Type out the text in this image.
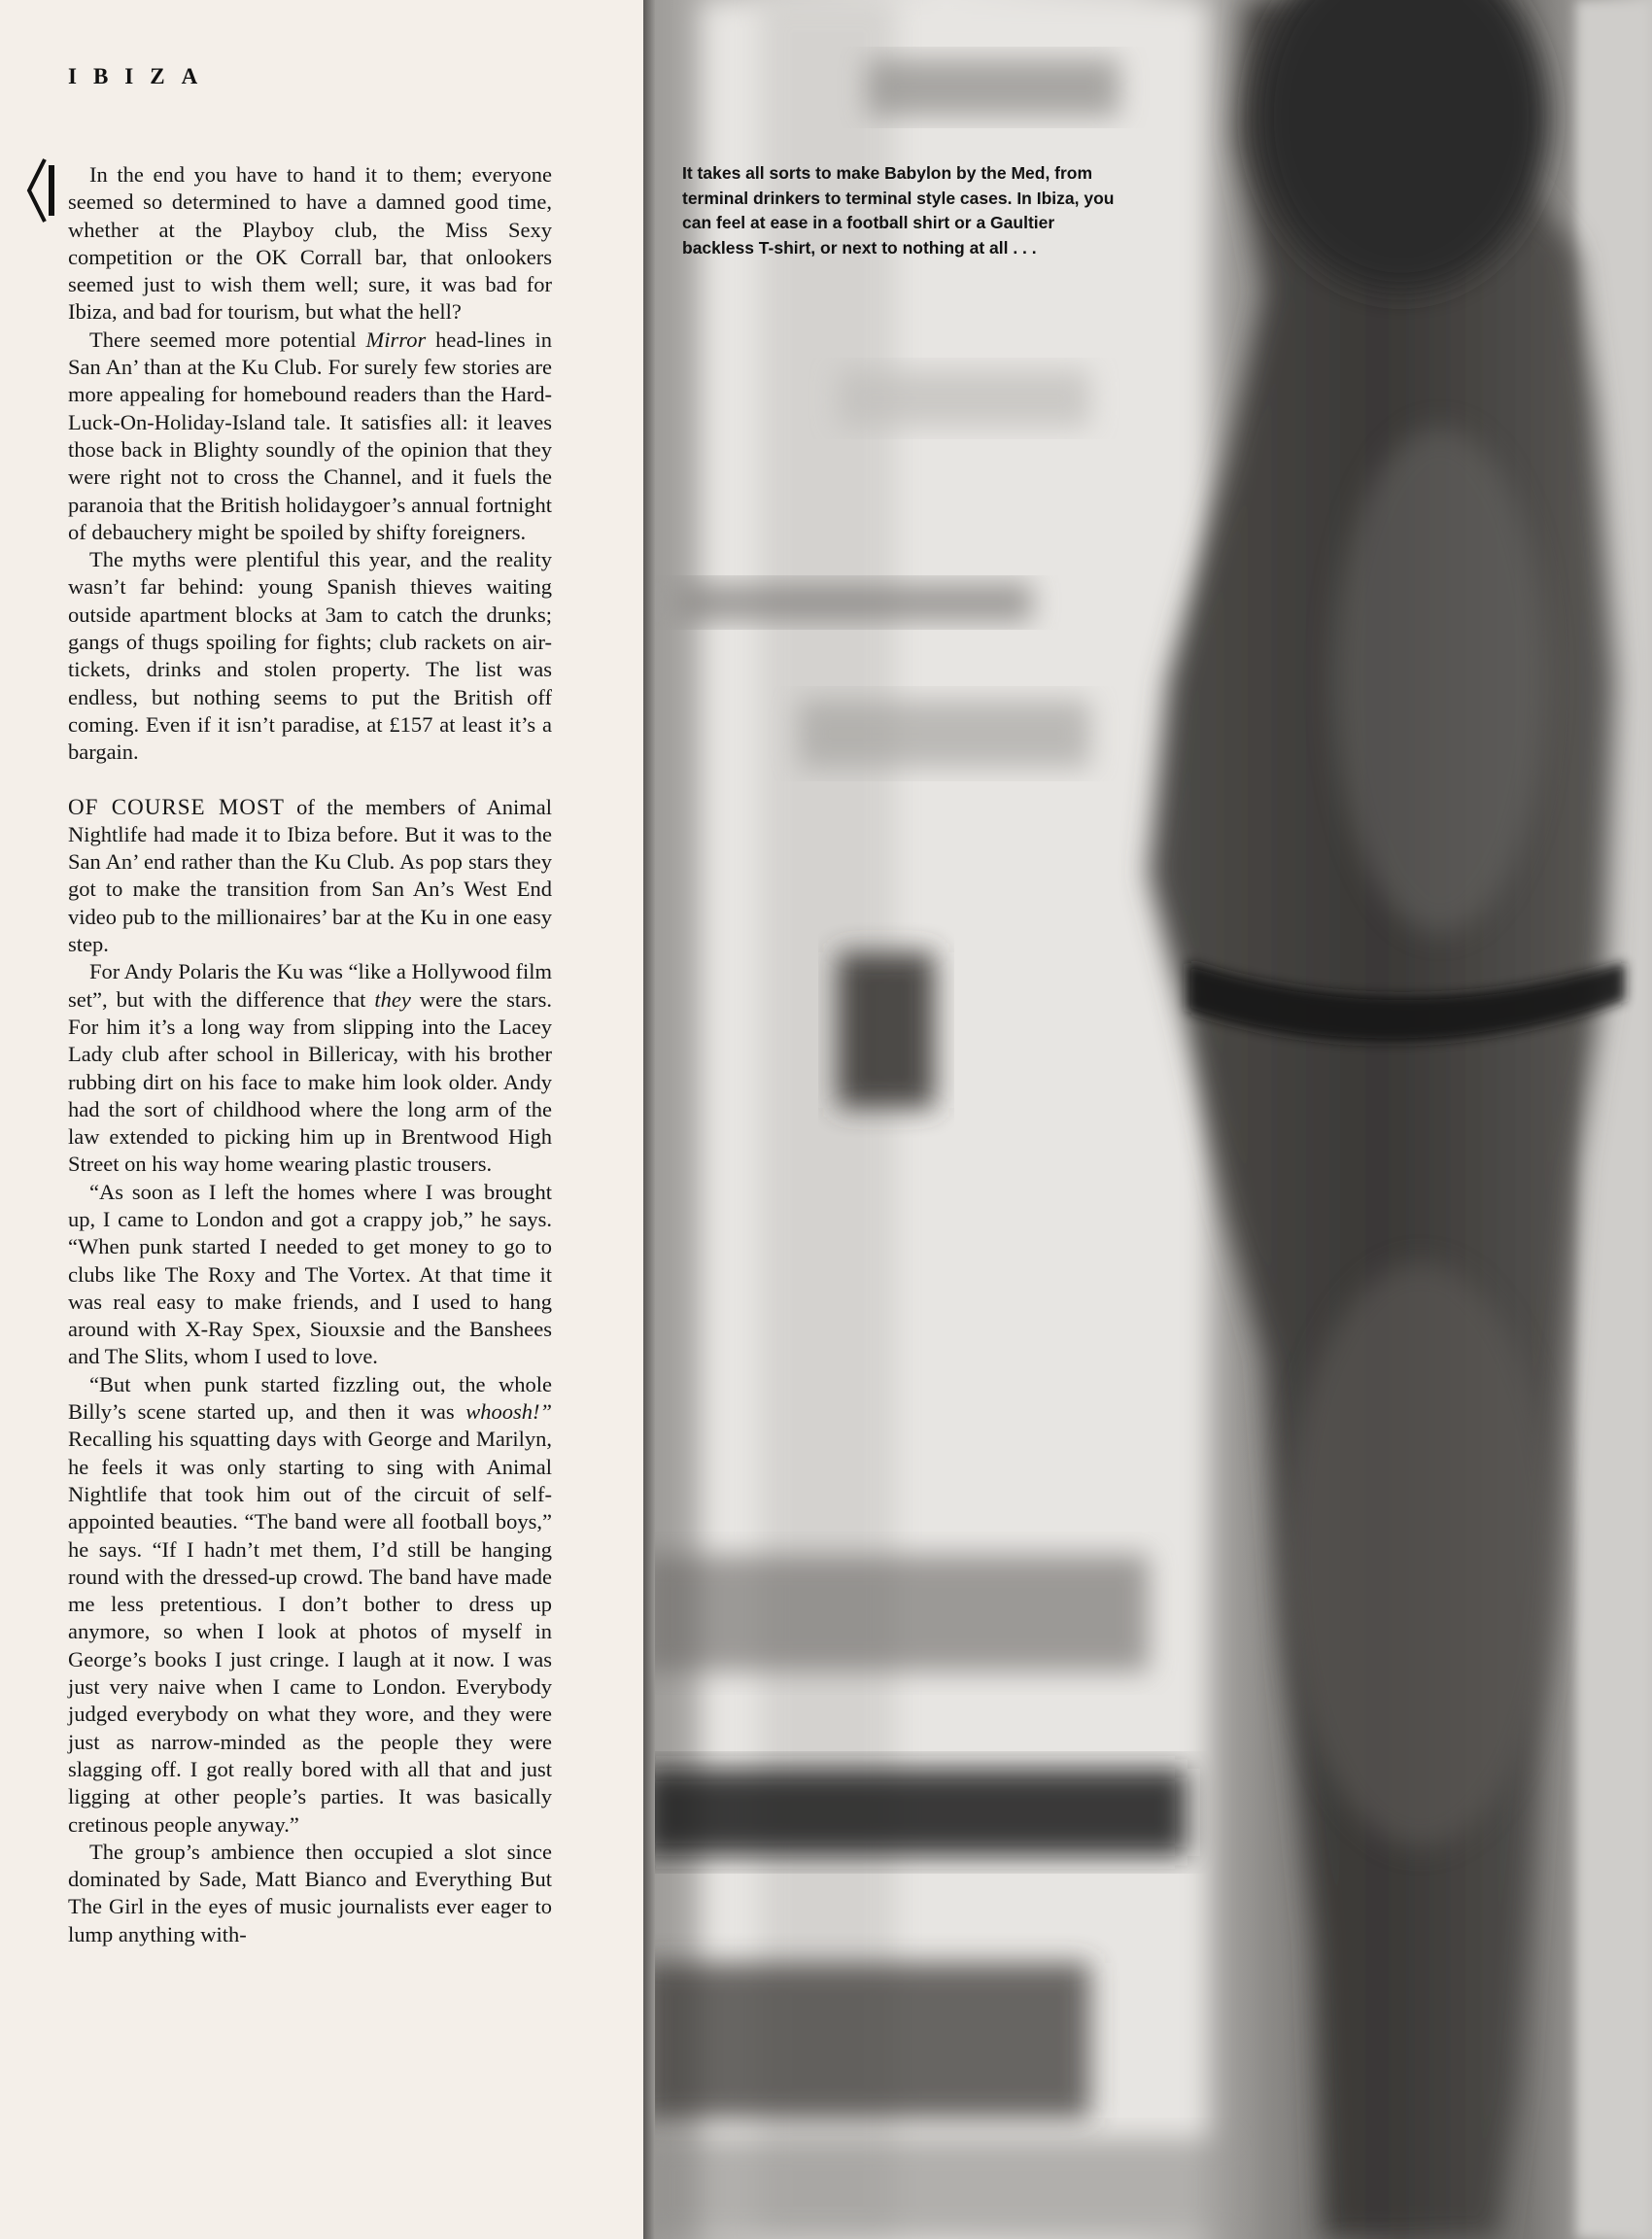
IBIZA

In the end you have to hand it to them; everyone seemed so determined to have a damned good time, whether at the Playboy club, the Miss Sexy competition or the OK Corrall bar, that onlookers seemed just to wish them well; sure, it was bad for Ibiza, and bad for tourism, but what the hell?

There seemed more potential Mirror head-lines in San An’ than at the Ku Club. For surely few stories are more appealing for homebound readers than the Hard-Luck-On-Holiday-Island tale. It satisfies all: it leaves those back in Blighty soundly of the opinion that they were right not to cross the Channel, and it fuels the paranoia that the British holidaygoer’s annual fortnight of debauchery might be spoiled by shifty foreigners.

The myths were plentiful this year, and the reality wasn’t far behind: young Spanish thieves waiting outside apartment blocks at 3am to catch the drunks; gangs of thugs spoiling for fights; club rackets on air-tickets, drinks and stolen property. The list was endless, but nothing seems to put the British off coming. Even if it isn’t paradise, at £157 at least it’s a bargain.

OF COURSE MOST of the members of Animal Nightlife had made it to Ibiza before. But it was to the San An’ end rather than the Ku Club. As pop stars they got to make the transition from San An’s West End video pub to the millionaires’ bar at the Ku in one easy step.

For Andy Polaris the Ku was “like a Hollywood film set”, but with the difference that they were the stars. For him it’s a long way from slipping into the Lacey Lady club after school in Billericay, with his brother rubbing dirt on his face to make him look older. Andy had the sort of childhood where the long arm of the law extended to picking him up in Brentwood High Street on his way home wearing plastic trousers.

“As soon as I left the homes where I was brought up, I came to London and got a crappy job,” he says. “When punk started I needed to get money to go to clubs like The Roxy and The Vortex. At that time it was real easy to make friends, and I used to hang around with X-Ray Spex, Siouxsie and the Banshees and The Slits, whom I used to love.

“But when punk started fizzling out, the whole Billy’s scene started up, and then it was whoosh!” Recalling his squatting days with George and Marilyn, he feels it was only starting to sing with Animal Nightlife that took him out of the circuit of self-appointed beauties. “The band were all football boys,” he says. “If I hadn’t met them, I’d still be hanging round with the dressed-up crowd. The band have made me less pretentious. I don’t bother to dress up anymore, so when I look at photos of myself in George’s books I just cringe. I laugh at it now. I was just very naive when I came to London. Everybody judged everybody on what they wore, and they were just as narrow-minded as the people they were slagging off. I got really bored with all that and just ligging at other people’s parties. It was basically cretinous people anyway.”

The group’s ambience then occupied a slot since dominated by Sade, Matt Bianco and Everything But The Girl in the eyes of music journalists ever eager to lump anything with-

It takes all sorts to make Babylon by the Med, from terminal drinkers to terminal style cases. In Ibiza, you can feel at ease in a football shirt or a Gaultier backless T-shirt, or next to nothing at all . . .
